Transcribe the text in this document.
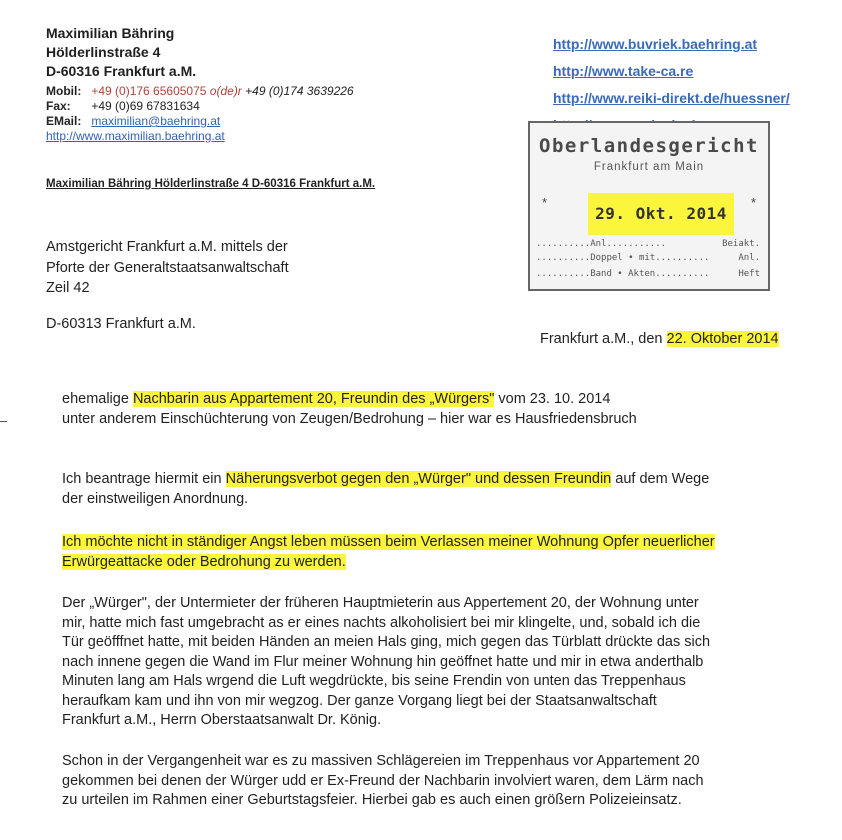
Maximilian Bähring
Hölderlinstraße 4
D-60316 Frankfurt a.M.
Mobil: +49 (0)176 65605075 o(de)r +49 (0)174 3639226
Fax: +49 (0)69 67831634
EMail: maximilian@baehring.at
http://www.maximilian.baehring.at
http://www.buvriek.baehring.at
http://www.take-ca.re
http://www.reiki-direkt.de/huessner/
Oberlandesgericht
Frankfurt am Main
*	*
29. Okt. 2014
..........Anl...........	Beiakt.
..........Doppel • mit..........	Anl.
..........Band • Akten..........	Heft
Maximilian Bähring Hölderlinstraße 4 D-60316 Frankfurt a.M.
Amstgericht Frankfurt a.M. mittels der
Pforte der Generaltstaatsanwaltschaft
Zeil 42
D-60313 Frankfurt a.M.
Frankfurt a.M., den 22. Oktober 2014
ehemalige Nachbarin aus Appartement 20, Freundin des „Würgers" vom 23. 10. 2014
unter anderem Einschüchterung von Zeugen/Bedrohung – hier war es Hausfriedensbruch
Ich beantrage hiermit ein Näherungsverbot gegen den „Würger" und dessen Freundin auf dem Wege
der einstweiligen Anordnung.
Ich möchte nicht in ständiger Angst leben müssen beim Verlassen meiner Wohnung Opfer neuerlicher
Erwürgeattacke oder Bedrohung zu werden.
Der „Würger", der Untermieter der früheren Hauptmieterin aus Appertement 20, der Wohnung unter
mir, hatte mich fast umgebracht as er eines nachts alkoholisiert bei mir klingelte, und, sobald ich die
Tür geöfffnet hatte, mit beiden Händen an meien Hals ging, mich gegen das Türblatt drückte das sich
nach innene gegen die Wand im Flur meiner Wohnung hin geöffnet hatte und mir in etwa anderthalb
Minuten lang am Hals wrgend die Luft wegdrückte, bis seine Frendin von unten das Treppenhaus
heraufkam kam und ihn von mir wegzog. Der ganze Vorgang liegt bei der Staatsanwaltschaft
Frankfurt a.M., Herrn Oberstaatsanwalt Dr. König.
Schon in der Vergangenheit war es zu massiven Schlägereien im Treppenhaus vor Appartement 20
gekommen bei denen der Würger udd er Ex-Freund der Nachbarin involviert waren, dem Lärm nach
zu urteilen im Rahmen einer Geburtstagsfeier. Hierbei gab es auch einen größern Polizeieinsatz.
